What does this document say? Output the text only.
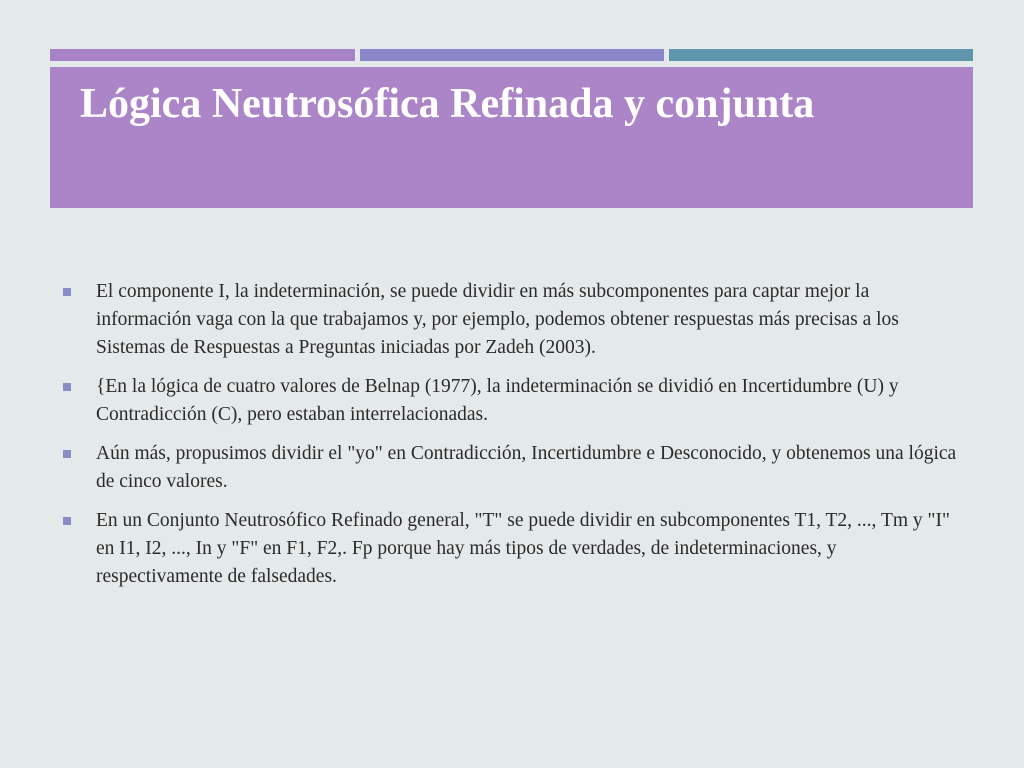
Lógica Neutrosófica Refinada y conjunta
El componente I, la indeterminación, se puede dividir en más subcomponentes para captar mejor la información vaga con la que trabajamos y, por ejemplo, podemos obtener respuestas más precisas a los Sistemas de Respuestas a Preguntas iniciadas por Zadeh (2003).
{En la lógica de cuatro valores de Belnap (1977), la indeterminación se dividió en Incertidumbre (U) y Contradicción (C), pero estaban interrelacionadas.
Aún más, propusimos dividir el "yo" en Contradicción, Incertidumbre e Desconocido, y obtenemos una lógica de cinco valores.
En un Conjunto Neutrosófico Refinado general, "T" se puede dividir en subcomponentes T1, T2, ..., Tm y "I" en I1, I2, ..., In y "F" en F1, F2,. Fp porque hay más tipos de verdades, de indeterminaciones, y respectivamente de falsedades.
